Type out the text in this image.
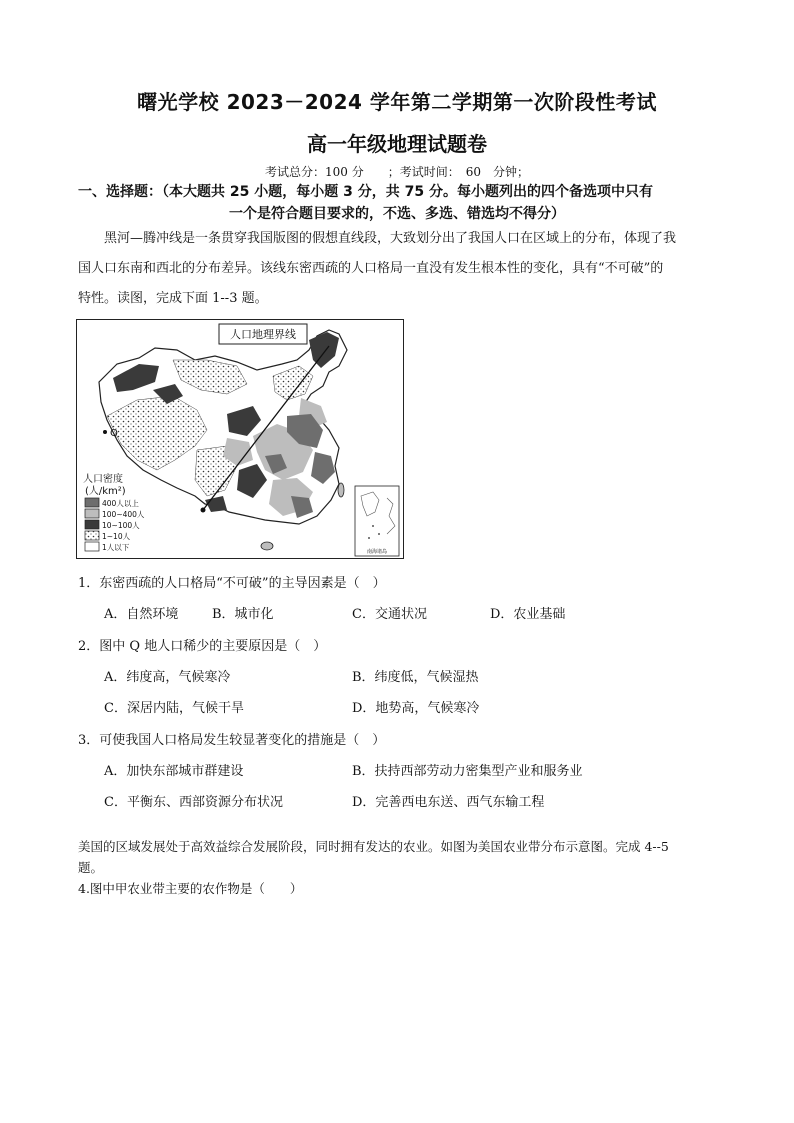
曙光学校 2023－2024 学年第二学期第一次阶段性考试
高一年级地理试题卷
考试总分：100 分　　；考试时间：　60　分钟；
一、选择题：（本大题共 25 小题，每小题 3 分，共 75 分。每小题列出的四个备选项中只有
一个是符合题目要求的，不选、多选、错选均不得分）
　　黑河—腾冲线是一条贯穿我国版图的假想直线段，大致划分出了我国人口在区域上的分布，体现了我
国人口东南和西北的分布差异。该线东密西疏的人口格局一直没有发生根本性的变化，具有“不可破”的
特性。读图，完成下面 1--3 题。
Q
人口地理界线
人口密度
(人/km²)
400人以上
100~400人
10~100人
1~10人
1人以下	南海诸岛
1．东密西疏的人口格局“不可破”的主导因素是（　）
A．自然环境	B．城市化	C．交通状况	D．农业基础
2．图中 Q 地人口稀少的主要原因是（　）
A．纬度高，气候寒冷	B．纬度低，气候湿热
C．深居内陆，气候干旱	D．地势高，气候寒冷
3．可使我国人口格局发生较显著变化的措施是（　）
A．加快东部城市群建设	B．扶持西部劳动力密集型产业和服务业
C．平衡东、西部资源分布状况	D．完善西电东送、西气东输工程
美国的区域发展处于高效益综合发展阶段，同时拥有发达的农业。如图为美国农业带分布示意图。完成 4--5
题。
4.图中甲农业带主要的农作物是（　　）
